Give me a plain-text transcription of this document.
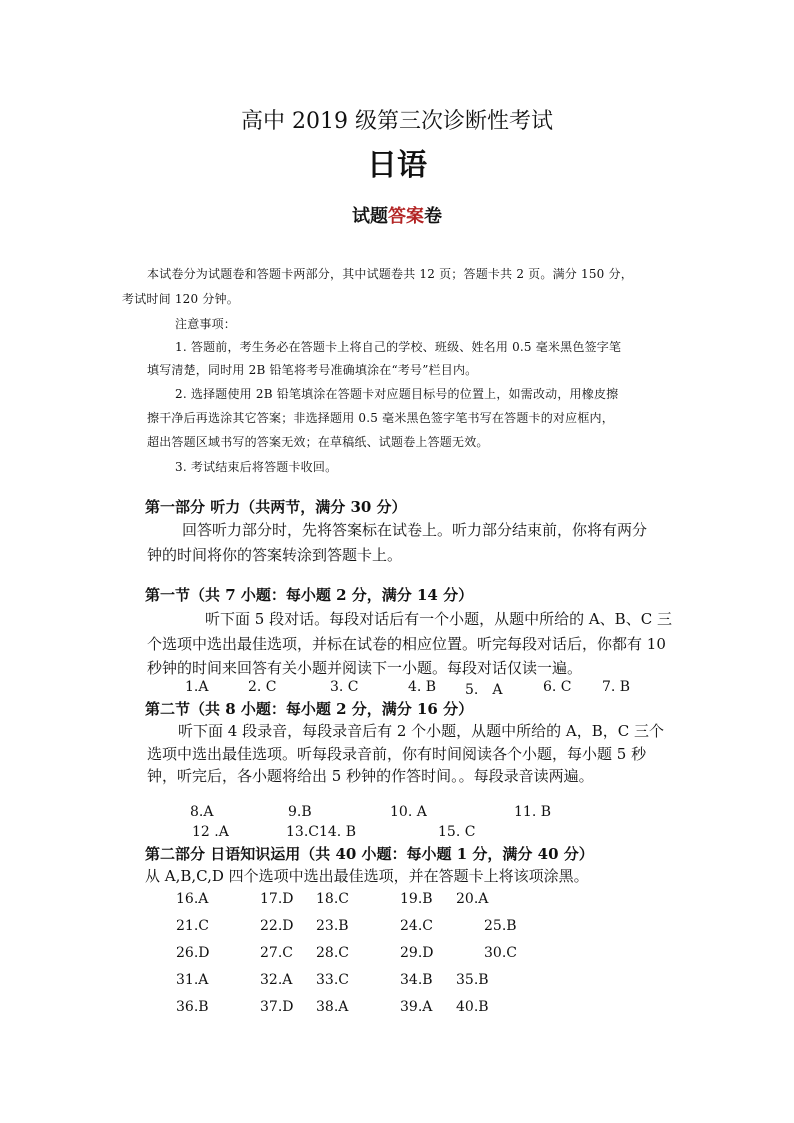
高中 2019 级第三次诊断性考试
日语
试题答案卷
本试卷分为试题卷和答题卡两部分，其中试题卷共 12 页；答题卡共 2 页。满分 150 分，
考试时间 120 分钟。
注意事项：
1. 答题前，考生务必在答题卡上将自己的学校、班级、姓名用 0.5 毫米黑色签字笔
填写清楚，同时用 2B 铅笔将考号准确填涂在“考号”栏目内。
2. 选择题使用 2B 铅笔填涂在答题卡对应题目标号的位置上，如需改动，用橡皮擦
擦干净后再选涂其它答案；非选择题用 0.5 毫米黑色签字笔书写在答题卡的对应框内，
超出答题区域书写的答案无效；在草稿纸、试题卷上答题无效。
3. 考试结束后将答题卡收回。
第一部分 听力（共两节，满分 30 分）
回答听力部分时，先将答案标在试卷上。听力部分结束前，你将有两分
钟的时间将你的答案转涂到答题卡上。
第一节（共 7 小题：每小题 2 分，满分 14 分）
听下面 5 段对话。每段对话后有一个小题，从题中所给的 A、B、C 三
个选项中选出最佳选项，并标在试卷的相应位置。听完每段对话后，你都有 10
秒钟的时间来回答有关小题并阅读下一小题。每段对话仅读一遍。
1.A	2. C	3. C	4. B 5.　A	6. C 7. B
第二节（共 8 小题：每小题 2 分，满分 16 分）
听下面 4 段录音，每段录音后有 2 个小题，从题中所给的 A，B，C 三个
选项中选出最佳选项。听每段录音前，你有时间阅读各个小题，每小题 5 秒
钟，听完后，各小题将给出 5 秒钟的作答时间。。每段录音读两遍。
8.A	9.B	10. A	11. B
12 .A	13.C14. B	15. C
第二部分 日语知识运用（共 40 小题：每小题 1 分，满分 40 分）
从 A,B,C,D 四个选项中选出最佳选项，并在答题卡上将该项涂黑。
16.A	17.D 18.C	19.B 20.A
21.C	22.D 23.B	24.C	25.B
26.D	27.C 28.C	29.D	30.C
31.A	32.A 33.C	34.B 35.B
36.B	37.D 38.A	39.A 40.B
